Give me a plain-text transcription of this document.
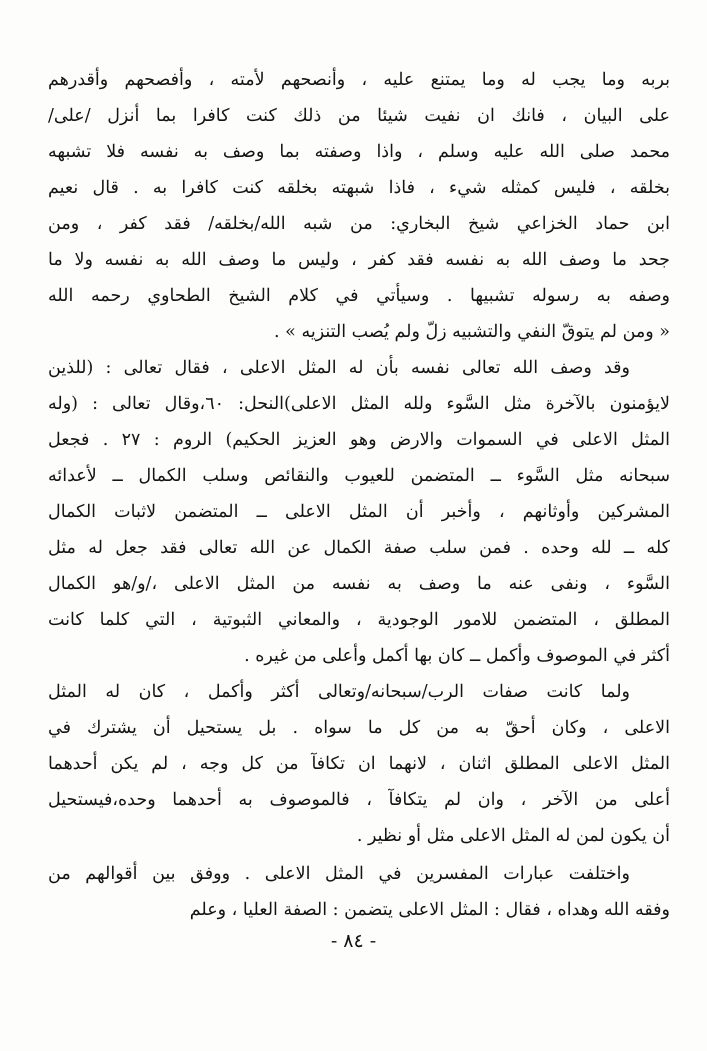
بربه وما يجب له وما يمتنع عليه ، وأنصحهم لأمته ، وأفصحهم وأقدرهم
على البيان ، فانك ان نفيت شيئا من ذلك كنت كافرا بما أنزل /على/
محمد صلى الله عليه وسلم ، واذا وصفته بما وصف به نفسه فلا تشبهه
بخلقه ، فليس كمثله شيء ، فاذا شبهته بخلقه كنت كافرا به . قال نعيم
ابن حماد الخزاعي شيخ البخاري: من شبه الله/بخلقه/ فقد كفر ، ومن
جحد ما وصف الله به نفسه فقد كفر ، وليس ما وصف الله به نفسه ولا ما
وصفه به رسوله تشبيها . وسيأتي في كلام الشيخ الطحاوي رحمه الله
« ومن لم يتوقّ النفي والتشبيه زلّ ولم يُصب التنزيه » .
وقد وصف الله تعالى نفسه بأن له المثل الاعلى ، فقال تعالى : (للذين
لايؤمنون بالآخرة مثل السَّوء ولله المثل الاعلى)النحل: ٦٠،وقال تعالى : (وله
المثل الاعلى في السموات والارض وهو العزيز الحكيم) الروم : ٢٧ . فجعل
سبحانه مثل السَّوء ــ المتضمن للعيوب والنقائص وسلب الكمال ــ لأعدائه
المشركين وأوثانهم ، وأخبر أن المثل الاعلى ــ المتضمن لاثبات الكمال
كله ــ لله وحده . فمن سلب صفة الكمال عن الله تعالى فقد جعل له مثل
السَّوء ، ونفى عنه ما وصف به نفسه من المثل الاعلى ،/و/هو الكمال
المطلق ، المتضمن للامور الوجودية ، والمعاني الثبوتية ، التي كلما كانت
أكثر في الموصوف وأكمل ــ كان بها أكمل وأعلى من غيره .
ولما كانت صفات الرب/سبحانه/وتعالى أكثر وأكمل ، كان له المثل
الاعلى ، وكان أحقّ به من كل ما سواه . بل يستحيل أن يشترك في
المثل الاعلى المطلق اثنان ، لانهما ان تكافآ من كل وجه ، لم يكن أحدهما
أعلى من الآخر ، وان لم يتكافآ ، فالموصوف به أحدهما وحده،فيستحيل
أن يكون لمن له المثل الاعلى مثل أو نظير .
واختلفت عبارات المفسرين في المثل الاعلى . ووفق بين أقوالهم من
وفقه الله وهداه ، فقال : المثل الاعلى يتضمن : الصفة العليا ، وعلم
- ٨٤ -
